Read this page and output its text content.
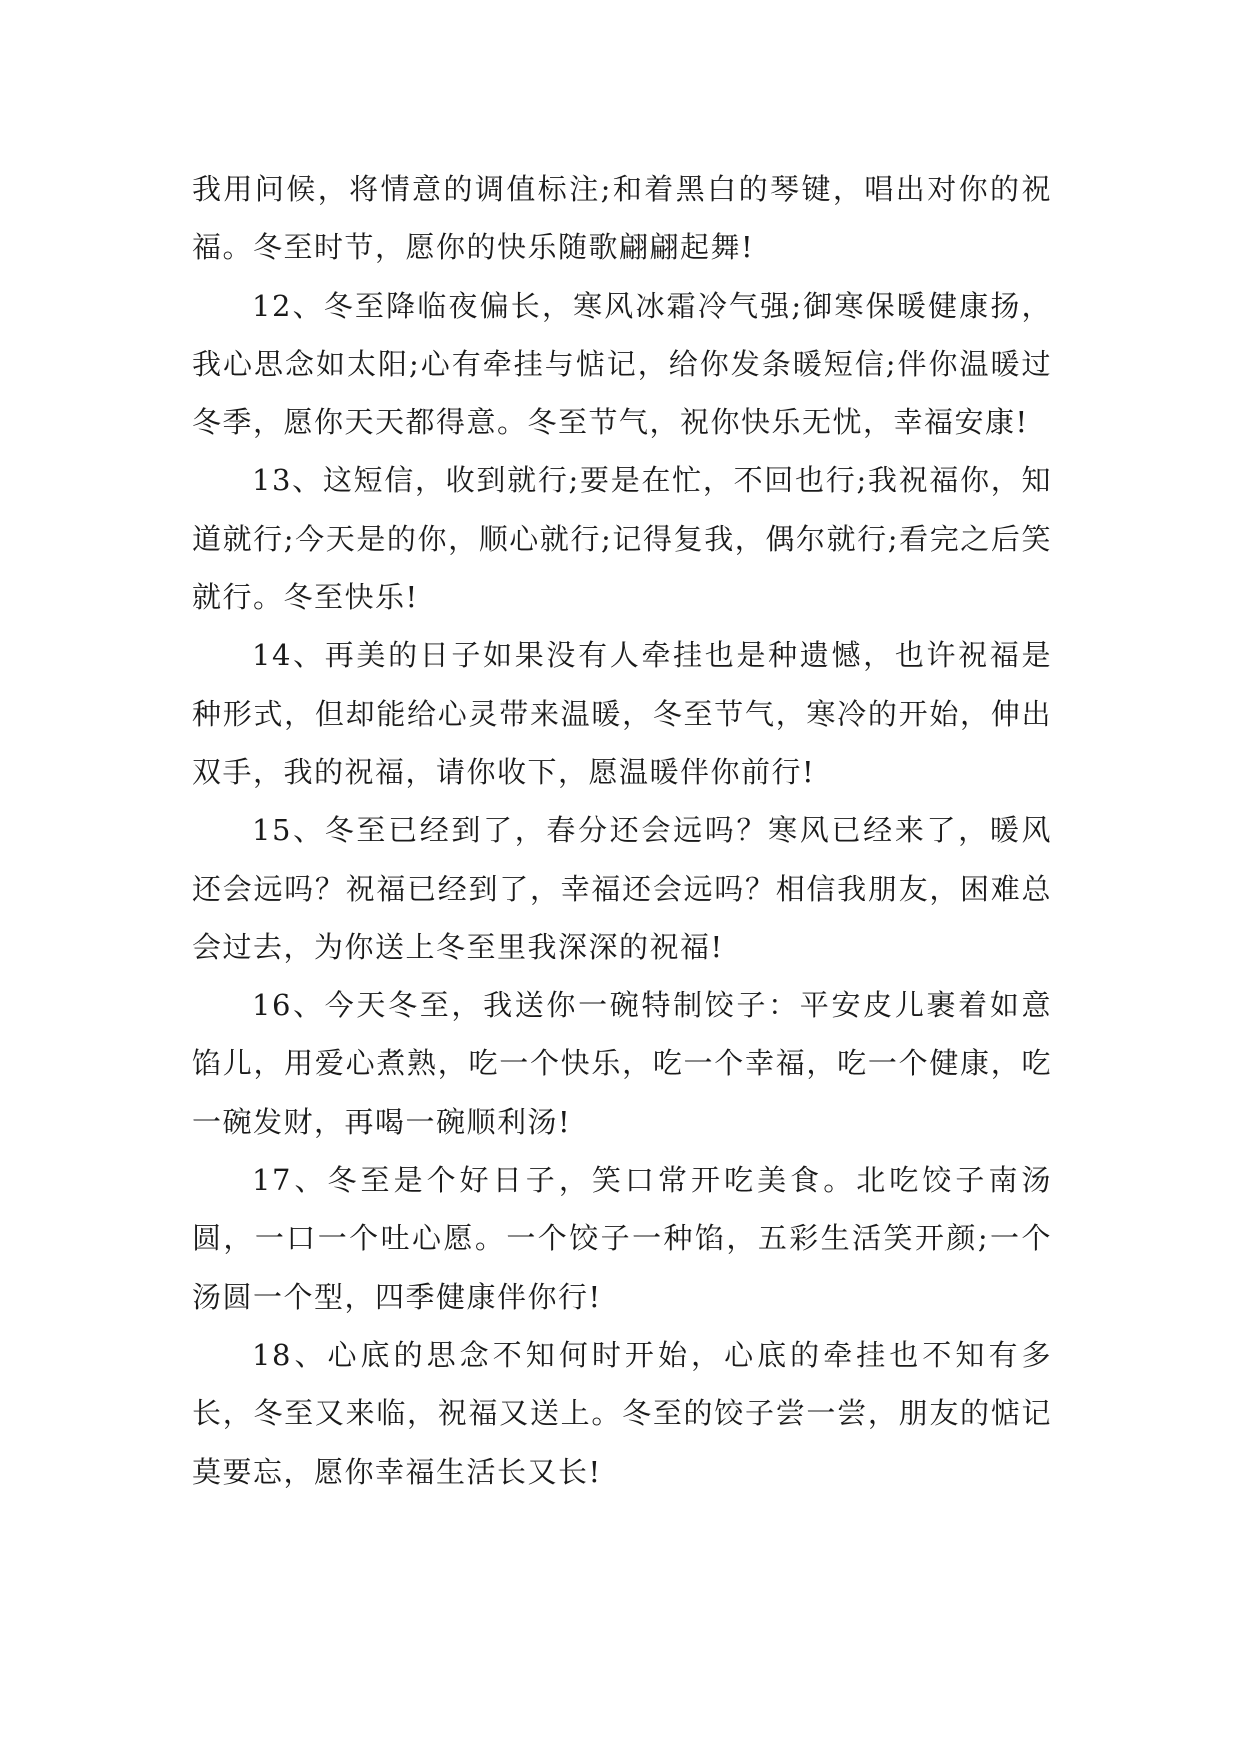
我用问候，将情意的调值标注;和着黑白的琴键，唱出对你的祝福。冬至时节，愿你的快乐随歌翩翩起舞!

12、冬至降临夜偏长，寒风冰霜冷气强;御寒保暖健康扬，我心思念如太阳;心有牵挂与惦记，给你发条暖短信;伴你温暖过冬季，愿你天天都得意。冬至节气，祝你快乐无忧，幸福安康!

13、这短信，收到就行;要是在忙，不回也行;我祝福你，知道就行;今天是的你，顺心就行;记得复我，偶尔就行;看完之后笑就行。冬至快乐!

14、再美的日子如果没有人牵挂也是种遗憾，也许祝福是种形式，但却能给心灵带来温暖，冬至节气，寒冷的开始，伸出双手，我的祝福，请你收下，愿温暖伴你前行!

15、冬至已经到了，春分还会远吗？寒风已经来了，暖风还会远吗？祝福已经到了，幸福还会远吗？相信我朋友，困难总会过去，为你送上冬至里我深深的祝福!

16、今天冬至，我送你一碗特制饺子：平安皮儿裹着如意馅儿，用爱心煮熟，吃一个快乐，吃一个幸福，吃一个健康，吃一碗发财，再喝一碗顺利汤!

17、冬至是个好日子，笑口常开吃美食。北吃饺子南汤圆，一口一个吐心愿。一个饺子一种馅，五彩生活笑开颜;一个汤圆一个型，四季健康伴你行!

18、心底的思念不知何时开始，心底的牵挂也不知有多长，冬至又来临，祝福又送上。冬至的饺子尝一尝，朋友的惦记莫要忘，愿你幸福生活长又长!
